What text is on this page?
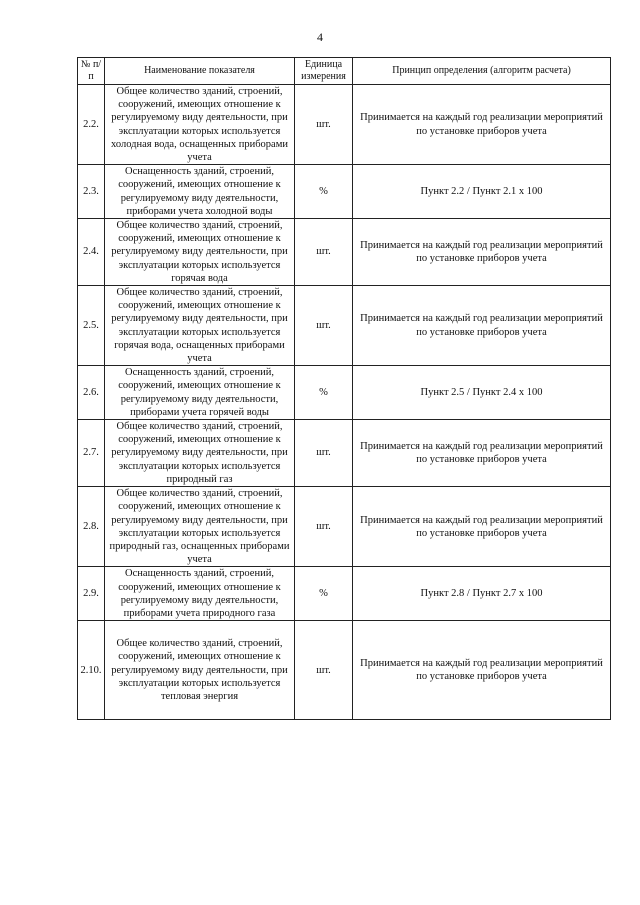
4
№ п/п	Наименование показателя	Единица измерения	Принцип определения (алгоритм расчета)
2.2.	Общее количество зданий, строений, сооружений, имеющих отношение к регулируемому виду деятельности, при эксплуатации которых используется холодная вода, оснащенных приборами учета	шт.	Принимается на каждый год реализации мероприятий по установке приборов учета
2.3.	Оснащенность зданий, строений, сооружений, имеющих отношение к регулируемому виду деятельности, приборами учета холодной воды	%	Пункт 2.2 / Пункт 2.1 x 100
2.4.	Общее количество зданий, строений, сооружений, имеющих отношение к регулируемому виду деятельности, при эксплуатации которых используется горячая вода	шт.	Принимается на каждый год реализации мероприятий по установке приборов учета
2.5.	Общее количество зданий, строений, сооружений, имеющих отношение к регулируемому виду деятельности, при эксплуатации которых используется горячая вода, оснащенных приборами учета	шт.	Принимается на каждый год реализации мероприятий по установке приборов учета
2.6.	Оснащенность зданий, строений, сооружений, имеющих отношение к регулируемому виду деятельности, приборами учета горячей воды	%	Пункт 2.5 / Пункт 2.4 x 100
2.7.	Общее количество зданий, строений, сооружений, имеющих отношение к регулируемому виду деятельности, при эксплуатации которых используется природный газ	шт.	Принимается на каждый год реализации мероприятий по установке приборов учета
2.8.	Общее количество зданий, строений, сооружений, имеющих отношение к регулируемому виду деятельности, при эксплуатации которых используется природный газ, оснащенных приборами учета	шт.	Принимается на каждый год реализации мероприятий по установке приборов учета
2.9.	Оснащенность зданий, строений, сооружений, имеющих отношение к регулируемому виду деятельности, приборами учета природного газа	%	Пункт 2.8 / Пункт 2.7 x 100
2.10.	Общее количество зданий, строений, сооружений, имеющих отношение к регулируемому виду деятельности, при эксплуатации которых используется тепловая энергия	шт.	Принимается на каждый год реализации мероприятий по установке приборов учета
